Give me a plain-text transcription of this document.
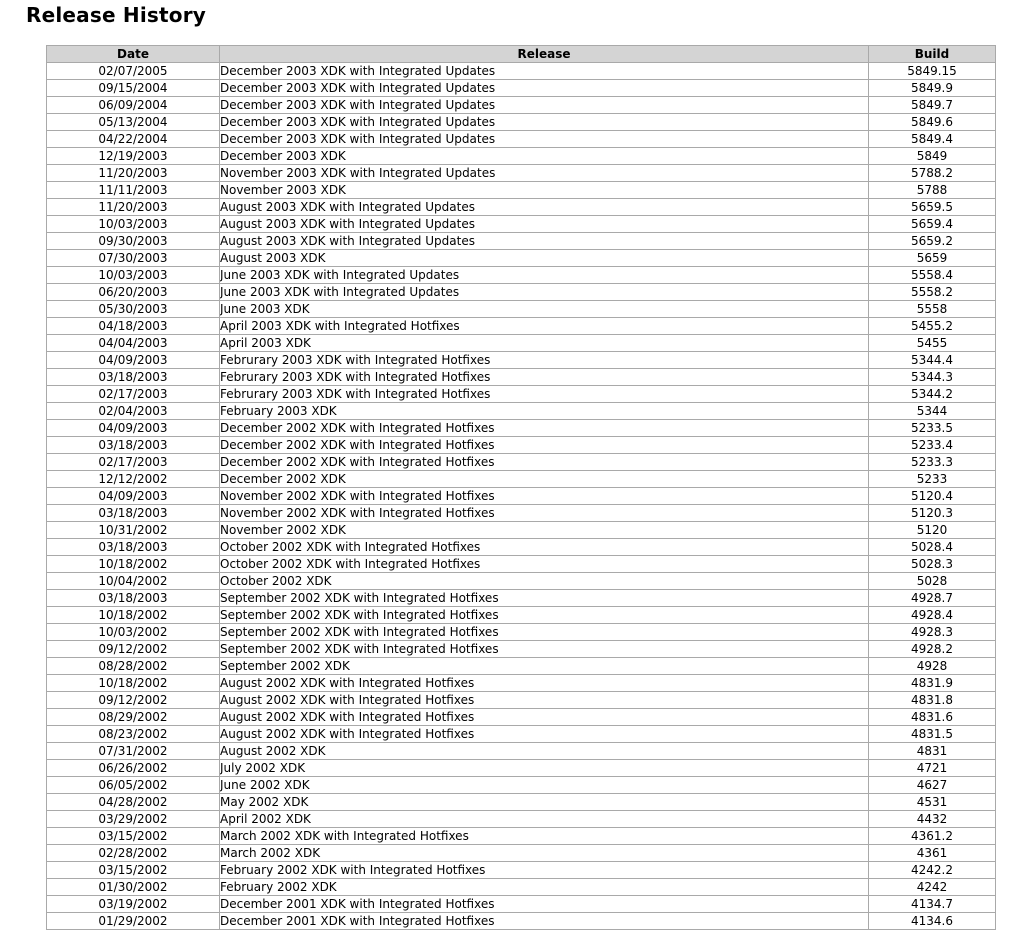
Release History
Date	Release	Build
02/07/2005	December 2003 XDK with Integrated Updates	5849.15
09/15/2004	December 2003 XDK with Integrated Updates	5849.9
06/09/2004	December 2003 XDK with Integrated Updates	5849.7
05/13/2004	December 2003 XDK with Integrated Updates	5849.6
04/22/2004	December 2003 XDK with Integrated Updates	5849.4
12/19/2003	December 2003 XDK	5849
11/20/2003	November 2003 XDK with Integrated Updates	5788.2
11/11/2003	November 2003 XDK	5788
11/20/2003	August 2003 XDK with Integrated Updates	5659.5
10/03/2003	August 2003 XDK with Integrated Updates	5659.4
09/30/2003	August 2003 XDK with Integrated Updates	5659.2
07/30/2003	August 2003 XDK	5659
10/03/2003	June 2003 XDK with Integrated Updates	5558.4
06/20/2003	June 2003 XDK with Integrated Updates	5558.2
05/30/2003	June 2003 XDK	5558
04/18/2003	April 2003 XDK with Integrated Hotfixes	5455.2
04/04/2003	April 2003 XDK	5455
04/09/2003	Februrary 2003 XDK with Integrated Hotfixes	5344.4
03/18/2003	Februrary 2003 XDK with Integrated Hotfixes	5344.3
02/17/2003	Februrary 2003 XDK with Integrated Hotfixes	5344.2
02/04/2003	February 2003 XDK	5344
04/09/2003	December 2002 XDK with Integrated Hotfixes	5233.5
03/18/2003	December 2002 XDK with Integrated Hotfixes	5233.4
02/17/2003	December 2002 XDK with Integrated Hotfixes	5233.3
12/12/2002	December 2002 XDK	5233
04/09/2003	November 2002 XDK with Integrated Hotfixes	5120.4
03/18/2003	November 2002 XDK with Integrated Hotfixes	5120.3
10/31/2002	November 2002 XDK	5120
03/18/2003	October 2002 XDK with Integrated Hotfixes	5028.4
10/18/2002	October 2002 XDK with Integrated Hotfixes	5028.3
10/04/2002	October 2002 XDK	5028
03/18/2003	September 2002 XDK with Integrated Hotfixes	4928.7
10/18/2002	September 2002 XDK with Integrated Hotfixes	4928.4
10/03/2002	September 2002 XDK with Integrated Hotfixes	4928.3
09/12/2002	September 2002 XDK with Integrated Hotfixes	4928.2
08/28/2002	September 2002 XDK	4928
10/18/2002	August 2002 XDK with Integrated Hotfixes	4831.9
09/12/2002	August 2002 XDK with Integrated Hotfixes	4831.8
08/29/2002	August 2002 XDK with Integrated Hotfixes	4831.6
08/23/2002	August 2002 XDK with Integrated Hotfixes	4831.5
07/31/2002	August 2002 XDK	4831
06/26/2002	July 2002 XDK	4721
06/05/2002	June 2002 XDK	4627
04/28/2002	May 2002 XDK	4531
03/29/2002	April 2002 XDK	4432
03/15/2002	March 2002 XDK with Integrated Hotfixes	4361.2
02/28/2002	March 2002 XDK	4361
03/15/2002	February 2002 XDK with Integrated Hotfixes	4242.2
01/30/2002	February 2002 XDK	4242
03/19/2002	December 2001 XDK with Integrated Hotfixes	4134.7
01/29/2002	December 2001 XDK with Integrated Hotfixes	4134.6
